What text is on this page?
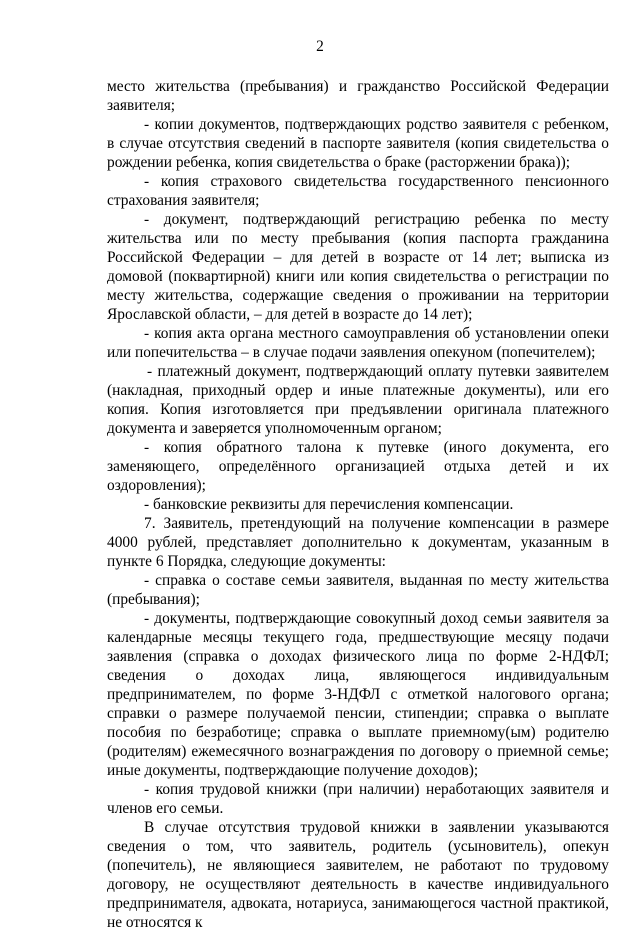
2

место жительства (пребывания) и гражданство Российской Федерации заявителя;

- копии документов, подтверждающих родство заявителя с ребенком, в случае отсутствия сведений в паспорте заявителя (копия свидетельства о рождении ребенка, копия свидетельства о браке (расторжении брака));

- копия страхового свидетельства государственного пенсионного страхования заявителя;

- документ, подтверждающий регистрацию ребенка по месту жительства или по месту пребывания (копия паспорта гражданина Российской Федерации – для детей в возрасте от 14 лет; выписка из домовой (поквартирной) книги или копия свидетельства о регистрации по месту жительства, содержащие сведения о проживании на территории Ярославской области, – для детей в возрасте до 14 лет);

- копия акта органа местного самоуправления об установлении опеки или попечительства – в случае подачи заявления опекуном (попечителем);

- платежный документ, подтверждающий оплату путевки заявителем (накладная, приходный ордер и иные платежные документы), или его копия. Копия изготовляется при предъявлении оригинала платежного документа и заверяется уполномоченным органом;

- копия обратного талона к путевке (иного документа, его заменяющего, определённого организацией отдыха детей и их оздоровления);

- банковские реквизиты для перечисления компенсации.

7. Заявитель, претендующий на получение компенсации в размере 4000 рублей, представляет дополнительно к документам, указанным в пункте 6 Порядка, следующие документы:

- справка о составе семьи заявителя, выданная по месту жительства (пребывания);

- документы, подтверждающие совокупный доход семьи заявителя за календарные месяцы текущего года, предшествующие месяцу подачи заявления (справка о доходах физического лица по форме 2-НДФЛ; сведения о доходах лица, являющегося индивидуальным предпринимателем, по форме 3-НДФЛ с отметкой налогового органа; справки о размере получаемой пенсии, стипендии; справка о выплате пособия по безработице; справка о выплате приемному(ым) родителю (родителям) ежемесячного вознаграждения по договору о приемной семье; иные документы, подтверждающие получение доходов);

- копия трудовой книжки (при наличии) неработающих заявителя и членов его семьи.

В случае отсутствия трудовой книжки в заявлении указываются сведения о том, что заявитель, родитель (усыновитель), опекун (попечитель), не являющиеся заявителем, не работают по трудовому договору, не осуществляют деятельность в качестве индивидуального предпринимателя, адвоката, нотариуса, занимающегося частной практикой, не относятся к
